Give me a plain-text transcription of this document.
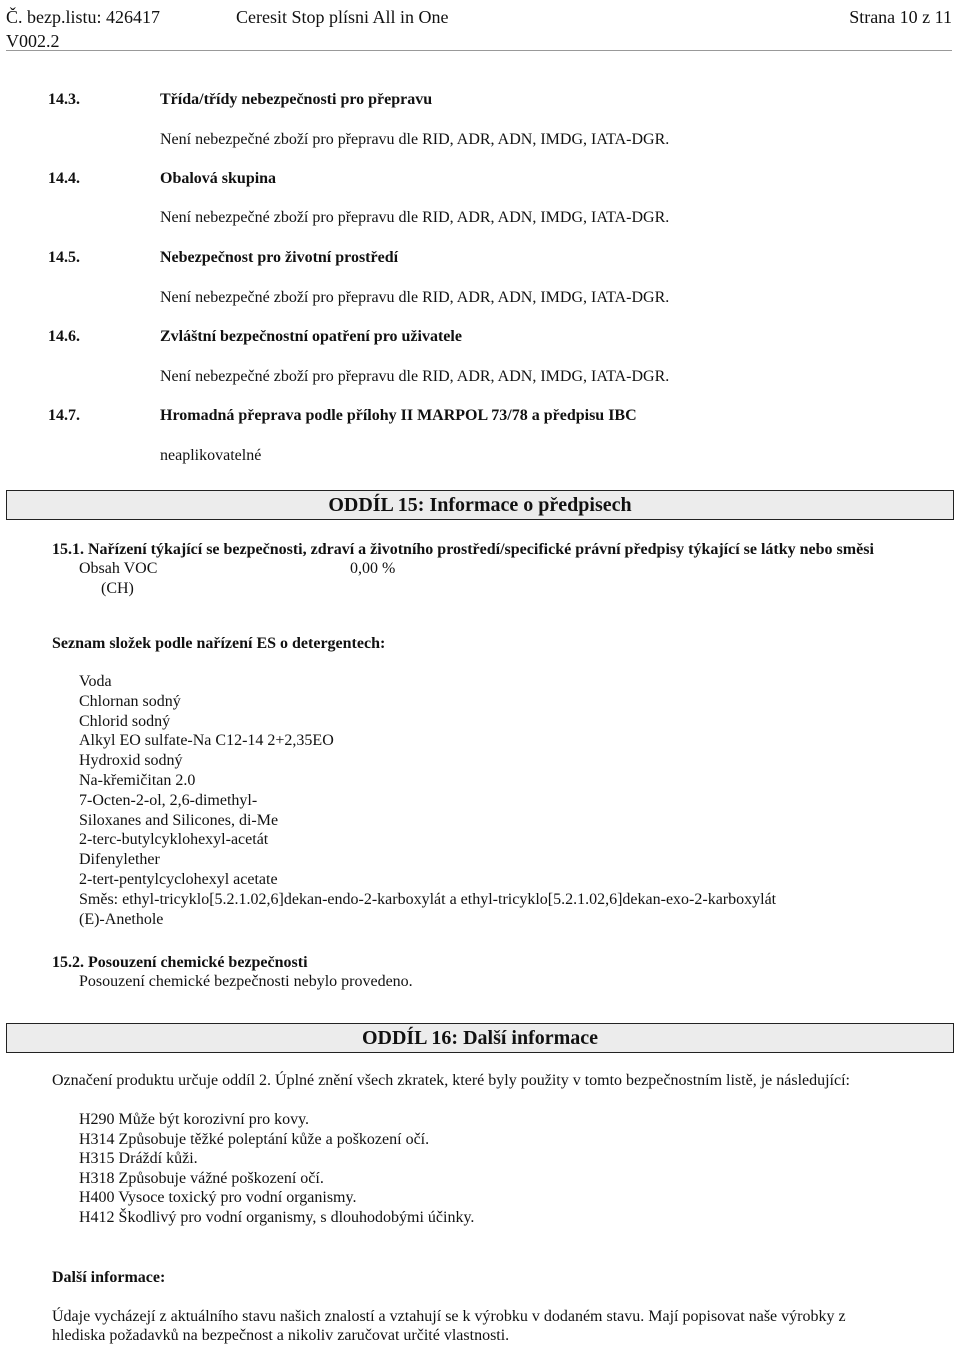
Č. bezp.listu: 426417	Ceresit Stop plísni All in One	Strana 10 z 11
V002.2
14.3.	Třída/třídy nebezpečnosti pro přepravu
Není nebezpečné zboží pro přepravu dle RID, ADR, ADN, IMDG, IATA-DGR.
14.4.	Obalová skupina
Není nebezpečné zboží pro přepravu dle RID, ADR, ADN, IMDG, IATA-DGR.
14.5.	Nebezpečnost pro životní prostředí
Není nebezpečné zboží pro přepravu dle RID, ADR, ADN, IMDG, IATA-DGR.
14.6.	Zvláštní bezpečnostní opatření pro uživatele
Není nebezpečné zboží pro přepravu dle RID, ADR, ADN, IMDG, IATA-DGR.
14.7.	Hromadná přeprava podle přílohy II MARPOL 73/78 a předpisu IBC
neaplikovatelné
ODDÍL 15: Informace o předpisech
15.1. Nařízení týkající se bezpečnosti, zdraví a životního prostředí/specifické právní předpisy týkající se látky nebo směsi
Obsah VOC	0,00 %
(CH)
Seznam složek podle nařízení ES o detergentech:
Voda
Chlornan sodný
Chlorid sodný
Alkyl EO sulfate-Na C12-14 2+2,35EO
Hydroxid sodný
Na-křemičitan 2.0
7-Octen-2-ol, 2,6-dimethyl-
Siloxanes and Silicones, di-Me
2-terc-butylcyklohexyl-acetát
Difenylether
2-tert-pentylcyclohexyl acetate
Směs: ethyl-tricyklo[5.2.1.02,6]dekan-endo-2-karboxylát a ethyl-tricyklo[5.2.1.02,6]dekan-exo-2-karboxylát
(E)-Anethole
15.2. Posouzení chemické bezpečnosti
Posouzení chemické bezpečnosti nebylo provedeno.
ODDÍL 16: Další informace
Označení produktu určuje oddíl 2. Úplné znění všech zkratek, které byly použity v tomto bezpečnostním listě, je následující:
H290 Může být korozivní pro kovy.
H314 Způsobuje těžké poleptání kůže a poškození očí.
H315 Dráždí kůži.
H318 Způsobuje vážné poškození očí.
H400 Vysoce toxický pro vodní organismy.
H412 Škodlivý pro vodní organismy, s dlouhodobými účinky.
Další informace:
Údaje vycházejí z aktuálního stavu našich znalostí a vztahují se k výrobku v dodaném stavu. Mají popisovat naše výrobky z
hlediska požadavků na bezpečnost a nikoliv zaručovat určité vlastnosti.
